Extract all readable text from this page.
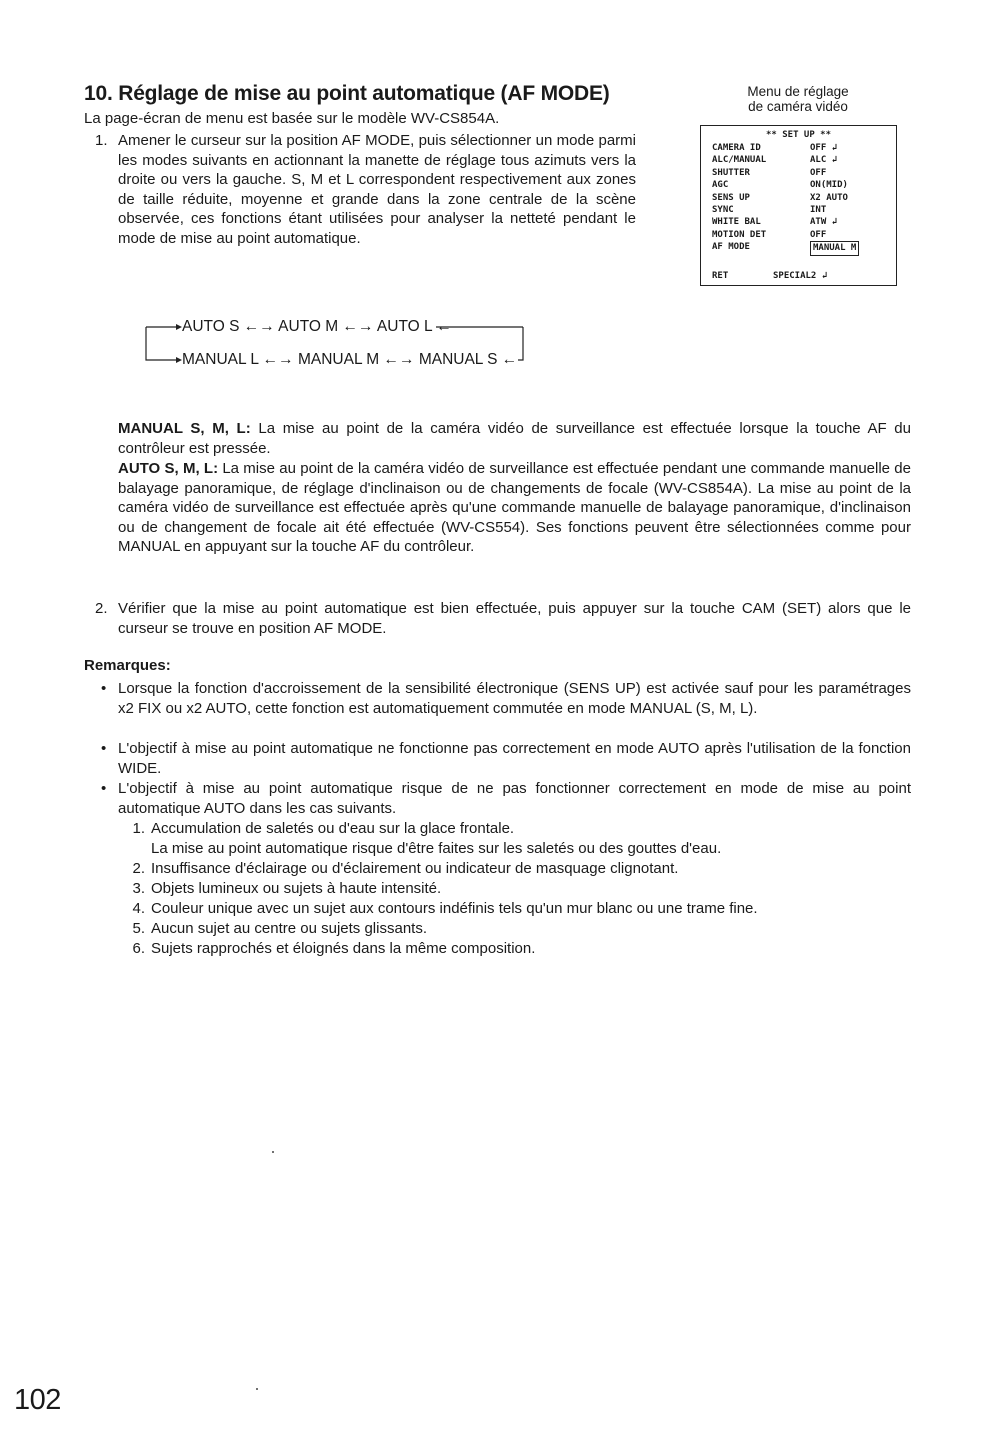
10. Réglage de mise au point automatique (AF MODE)
La page-écran de menu est basée sur le modèle WV-CS854A.
1. Amener le curseur sur la position AF MODE, puis sélectionner un mode parmi les modes suivants en actionnant la manette de réglage tous azimuts vers la droite ou vers la gauche. S, M et L correspondent respectivement aux zones de taille réduite, moyenne et grande dans la zone centrale de la scène observée, ces fonctions étant utilisées pour analyser la netteté pendant le mode de mise au point automatique.
Menu de réglage
de caméra vidéo
** SET UP **
CAMERA ID	OFF ↲
ALC/MANUAL	ALC ↲
SHUTTER	OFF
AGC	ON(MID)
SENS UP	X2 AUTO
SYNC	INT
WHITE BAL	ATW ↲
MOTION DET	OFF
AF MODE	MANUAL M
RET	SPECIAL2 ↲
AUTO S ←→ AUTO M ←→ AUTO L ←
MANUAL L ←→ MANUAL M ←→ MANUAL S ←
MANUAL S, M, L: La mise au point de la caméra vidéo de surveillance est effectuée lorsque la touche AF du contrôleur est pressée.
AUTO S, M, L: La mise au point de la caméra vidéo de surveillance est effectuée pendant une commande manuelle de balayage panoramique, de réglage d'inclinaison ou de changements de focale (WV-CS854A). La mise au point de la caméra vidéo de surveillance est effectuée après qu'une commande manuelle de balayage panoramique, d'inclinaison ou de changement de focale ait été effectuée (WV-CS554). Ses fonctions peuvent être sélectionnées comme pour MANUAL en appuyant sur la touche AF du contrôleur.
2. Vérifier que la mise au point automatique est bien effectuée, puis appuyer sur la touche CAM (SET) alors que le curseur se trouve en position AF MODE.
Remarques:
• Lorsque la fonction d'accroissement de la sensibilité électronique (SENS UP) est activée sauf pour les paramétrages x2 FIX ou x2 AUTO, cette fonction est automatiquement commutée en mode MANUAL (S, M, L).
• L'objectif à mise au point automatique ne fonctionne pas correctement en mode AUTO après l'utilisation de la fonction WIDE.
• L'objectif à mise au point automatique risque de ne pas fonctionner correctement en mode de mise au point automatique AUTO dans les cas suivants.
1. Accumulation de saletés ou d'eau sur la glace frontale.
La mise au point automatique risque d'être faites sur les saletés ou des gouttes d'eau.
2. Insuffisance d'éclairage ou d'éclairement ou indicateur de masquage clignotant.
3. Objets lumineux ou sujets à haute intensité.
4. Couleur unique avec un sujet aux contours indéfinis tels qu'un mur blanc ou une trame fine.
5. Aucun sujet au centre ou sujets glissants.
6. Sujets rapprochés et éloignés dans la même composition.
102
